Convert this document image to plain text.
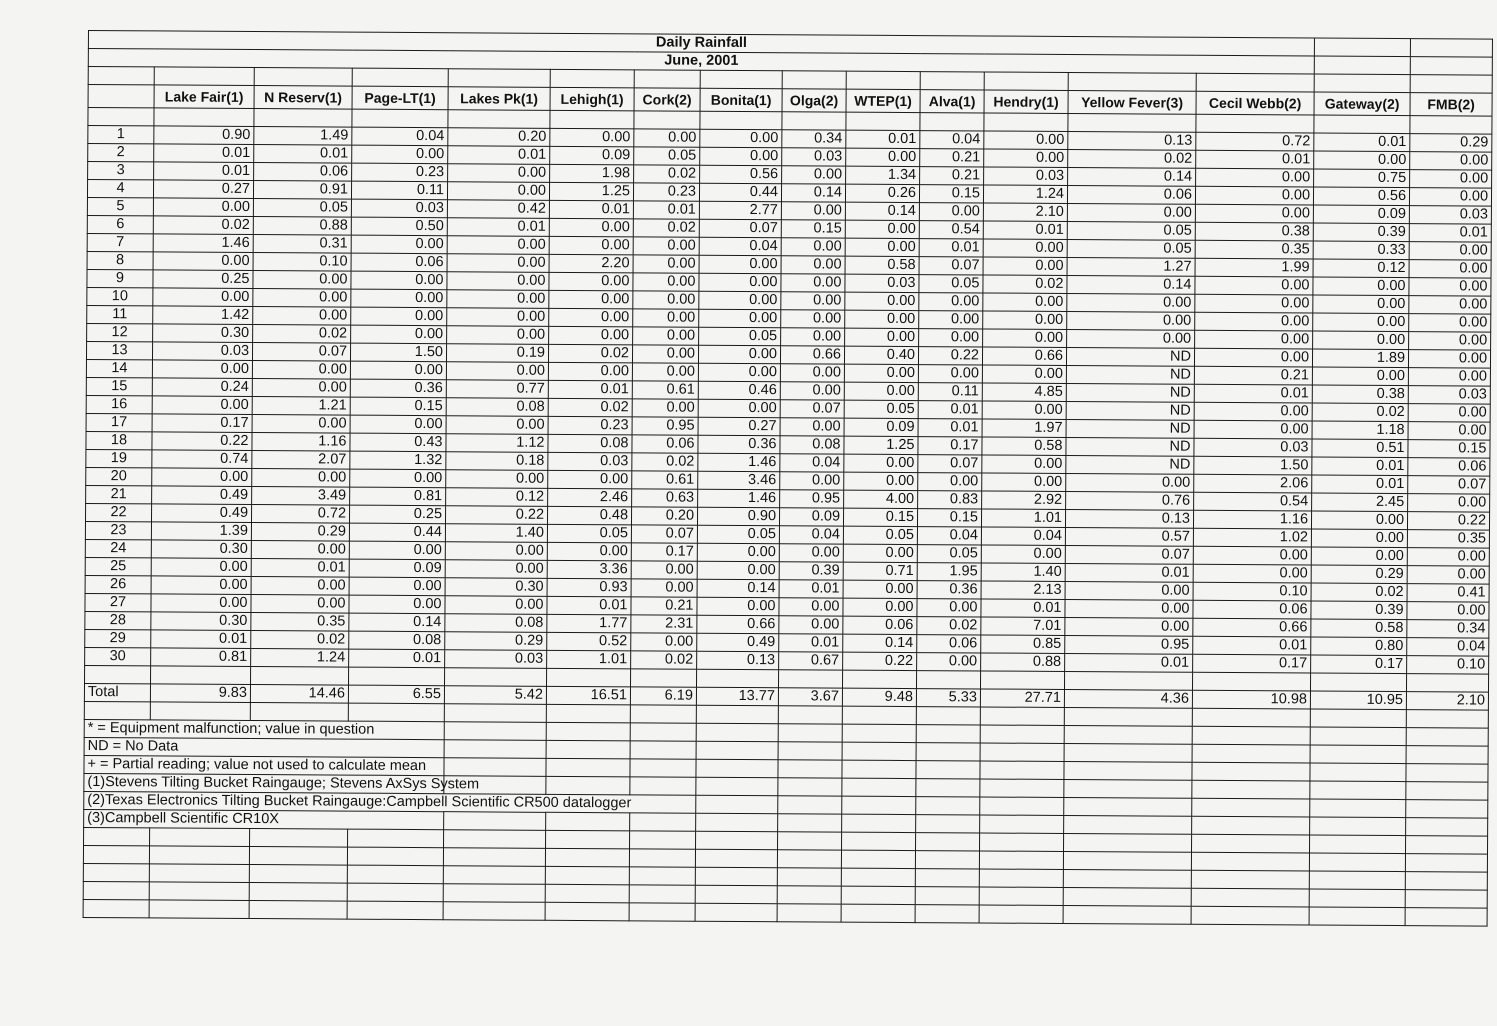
Daily Rainfall															
June, 2001															

	Lake Fair(1)	N Reserv(1)	Page-LT(1)	Lakes Pk(1)	Lehigh(1)	Cork(2)	Bonita(1)	Olga(2)	WTEP(1)	Alva(1)	Hendry(1)	Yellow Fever(3)	Cecil Webb(2)	Gateway(2)	FMB(2)

1	0.90	1.49	0.04	0.20	0.00	0.00	0.00	0.34	0.01	0.04	0.00	0.13	0.72	0.01	0.29
2	0.01	0.01	0.00	0.01	0.09	0.05	0.00	0.03	0.00	0.21	0.00	0.02	0.01	0.00	0.00
3	0.01	0.06	0.23	0.00	1.98	0.02	0.56	0.00	1.34	0.21	0.03	0.14	0.00	0.75	0.00
4	0.27	0.91	0.11	0.00	1.25	0.23	0.44	0.14	0.26	0.15	1.24	0.06	0.00	0.56	0.00
5	0.00	0.05	0.03	0.42	0.01	0.01	2.77	0.00	0.14	0.00	2.10	0.00	0.00	0.09	0.03
6	0.02	0.88	0.50	0.01	0.00	0.02	0.07	0.15	0.00	0.54	0.01	0.05	0.38	0.39	0.01
7	1.46	0.31	0.00	0.00	0.00	0.00	0.04	0.00	0.00	0.01	0.00	0.05	0.35	0.33	0.00
8	0.00	0.10	0.06	0.00	2.20	0.00	0.00	0.00	0.58	0.07	0.00	1.27	1.99	0.12	0.00
9	0.25	0.00	0.00	0.00	0.00	0.00	0.00	0.00	0.03	0.05	0.02	0.14	0.00	0.00	0.00
10	0.00	0.00	0.00	0.00	0.00	0.00	0.00	0.00	0.00	0.00	0.00	0.00	0.00	0.00	0.00
11	1.42	0.00	0.00	0.00	0.00	0.00	0.00	0.00	0.00	0.00	0.00	0.00	0.00	0.00	0.00
12	0.30	0.02	0.00	0.00	0.00	0.00	0.05	0.00	0.00	0.00	0.00	0.00	0.00	0.00	0.00
13	0.03	0.07	1.50	0.19	0.02	0.00	0.00	0.66	0.40	0.22	0.66	ND	0.00	1.89	0.00
14	0.00	0.00	0.00	0.00	0.00	0.00	0.00	0.00	0.00	0.00	0.00	ND	0.21	0.00	0.00
15	0.24	0.00	0.36	0.77	0.01	0.61	0.46	0.00	0.00	0.11	4.85	ND	0.01	0.38	0.03
16	0.00	1.21	0.15	0.08	0.02	0.00	0.00	0.07	0.05	0.01	0.00	ND	0.00	0.02	0.00
17	0.17	0.00	0.00	0.00	0.23	0.95	0.27	0.00	0.09	0.01	1.97	ND	0.00	1.18	0.00
18	0.22	1.16	0.43	1.12	0.08	0.06	0.36	0.08	1.25	0.17	0.58	ND	0.03	0.51	0.15
19	0.74	2.07	1.32	0.18	0.03	0.02	1.46	0.04	0.00	0.07	0.00	ND	1.50	0.01	0.06
20	0.00	0.00	0.00	0.00	0.00	0.61	3.46	0.00	0.00	0.00	0.00	0.00	2.06	0.01	0.07
21	0.49	3.49	0.81	0.12	2.46	0.63	1.46	0.95	4.00	0.83	2.92	0.76	0.54	2.45	0.00
22	0.49	0.72	0.25	0.22	0.48	0.20	0.90	0.09	0.15	0.15	1.01	0.13	1.16	0.00	0.22
23	1.39	0.29	0.44	1.40	0.05	0.07	0.05	0.04	0.05	0.04	0.04	0.57	1.02	0.00	0.35
24	0.30	0.00	0.00	0.00	0.00	0.17	0.00	0.00	0.00	0.05	0.00	0.07	0.00	0.00	0.00
25	0.00	0.01	0.09	0.00	3.36	0.00	0.00	0.39	0.71	1.95	1.40	0.01	0.00	0.29	0.00
26	0.00	0.00	0.00	0.30	0.93	0.00	0.14	0.01	0.00	0.36	2.13	0.00	0.10	0.02	0.41
27	0.00	0.00	0.00	0.00	0.01	0.21	0.00	0.00	0.00	0.00	0.01	0.00	0.06	0.39	0.00
28	0.30	0.35	0.14	0.08	1.77	2.31	0.66	0.00	0.06	0.02	7.01	0.00	0.66	0.58	0.34
29	0.01	0.02	0.08	0.29	0.52	0.00	0.49	0.01	0.14	0.06	0.85	0.95	0.01	0.80	0.04
30	0.81	1.24	0.01	0.03	1.01	0.02	0.13	0.67	0.22	0.00	0.88	0.01	0.17	0.17	0.10

Total	9.83	14.46	6.55	5.42	16.51	6.19	13.77	3.67	9.48	5.33	27.71	4.36	10.98	10.95	2.10

* = Equipment malfunction; value in question															
ND = No Data															
+ = Partial reading; value not used to calculate mean															
(1)Stevens Tilting Bucket Raingauge; Stevens AxSys System															
(2)Texas Electronics Tilting Bucket Raingauge:Campbell Scientific CR500 datalogger															
(3)Campbell Scientific CR10X															
